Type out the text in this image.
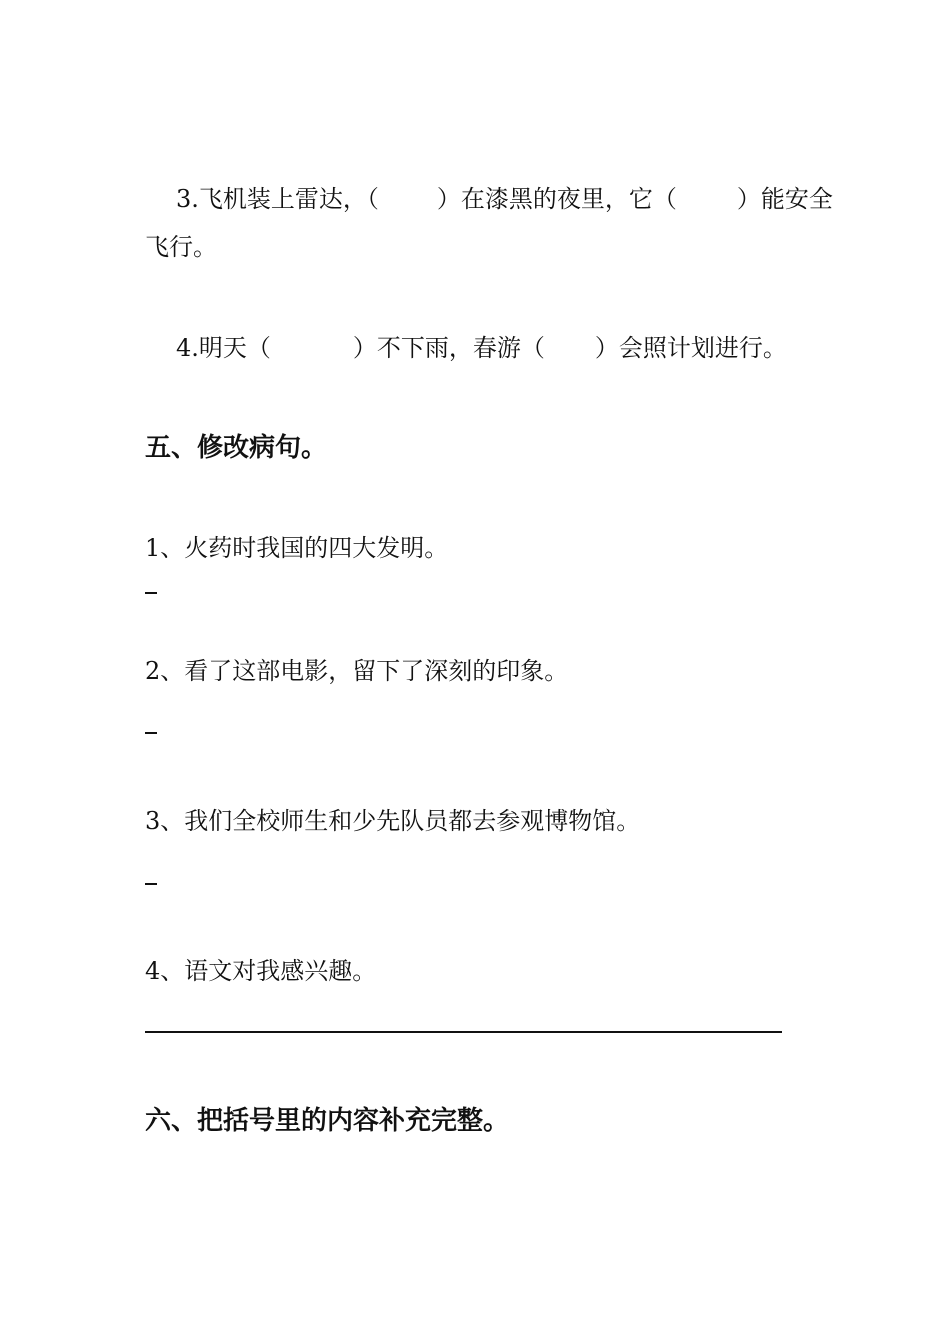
3.飞机装上雷达，（ ）在漆黑的夜里，它（	）能安全
飞行。
4.明天（	）不下雨，春游（ ）会照计划进行。
五、修改病句。
1、火药时我国的四大发明。
2、看了这部电影，留下了深刻的印象。
3、我们全校师生和少先队员都去参观博物馆。
4、语文对我感兴趣。
六、把括号里的内容补充完整。
